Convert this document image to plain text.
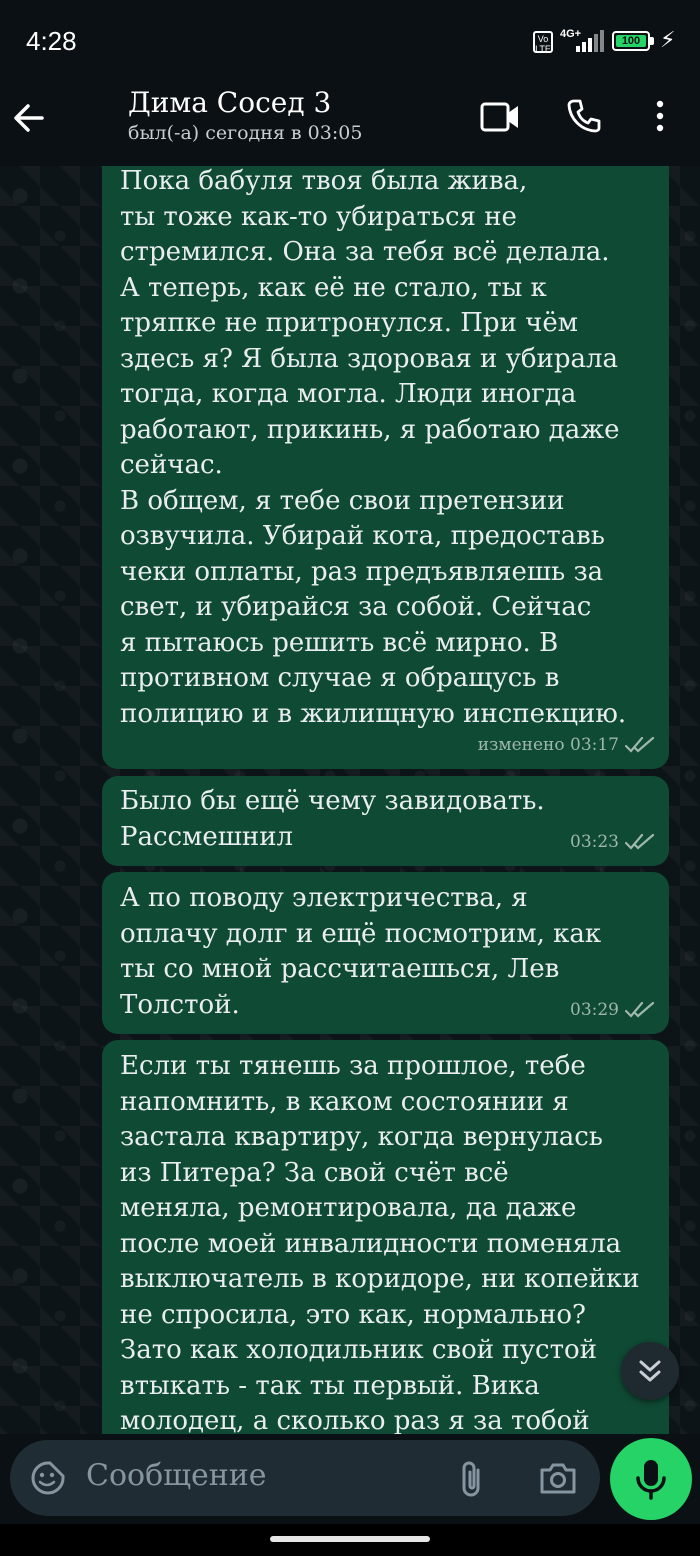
4:28	Vo LTE
4G+
100 ⚡
Дима Сосед 3
был(-а) сегодня в 03:05

Пока бабуля твоя была жива,
ты тоже как-то убираться не
стремился. Она за тебя всё делала.
А теперь, как её не стало, ты к
тряпке не притронулся. При чём
здесь я? Я была здоровая и убирала
тогда, когда могла. Люди иногда
работают, прикинь, я работаю даже
сейчас.
В общем, я тебе свои претензии
озвучила. Убирай кота, предоставь
чеки оплаты, раз предъявляешь за
свет, и убирайся за собой. Сейчас
я пытаюсь решить всё мирно. В
противном случае я обращусь в
полицию и в жилищную инспекцию.

изменено 03:17

Было бы ещё чему завидовать.
Рассмешнил	03:23

А по поводу электричества, я
оплачу долг и ещё посмотрим, как
ты со мной рассчитаешься, Лев
Толстой.	03:29

Если ты тянешь за прошлое, тебе
напомнить, в каком состоянии я
застала квартиру, когда вернулась
из Питера? За свой счёт всё
меняла, ремонтировала, да даже
после моей инвалидности поменяла
выключатель в коридоре, ни копейки
не спросила, это как, нормально?
Зато как холодильник свой пустой
втыкать - так ты первый. Вика
молодец, а сколько раз я за тобой

Сообщение
